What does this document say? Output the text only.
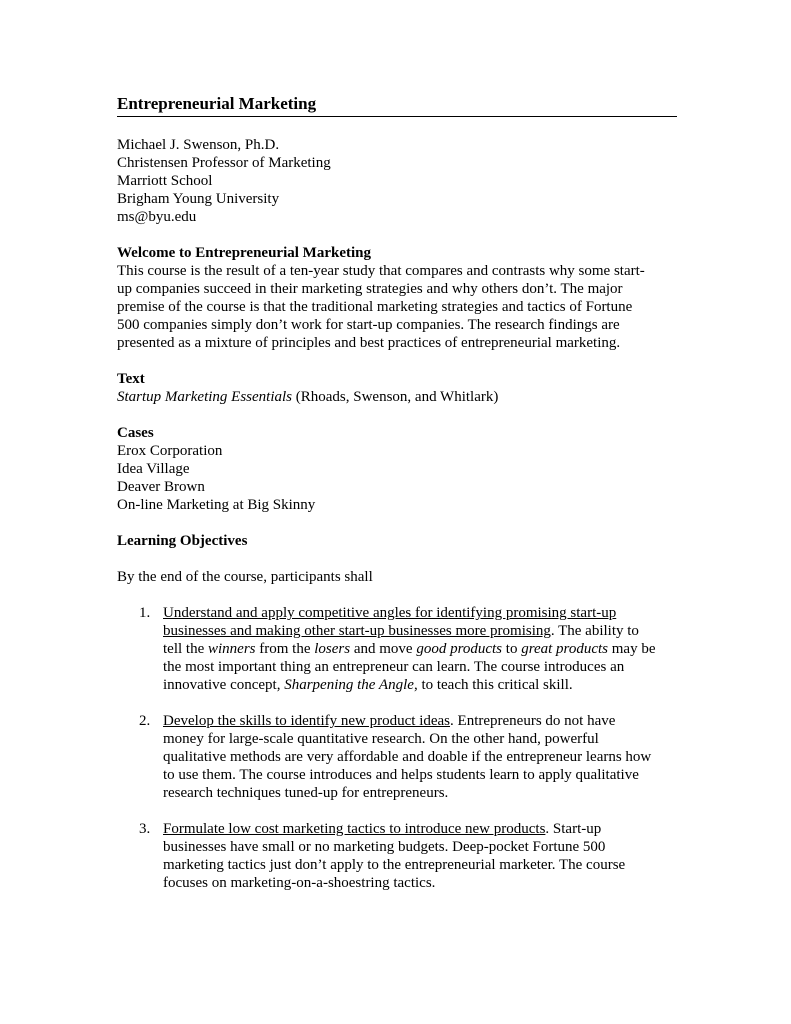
Entrepreneurial Marketing
Michael J. Swenson, Ph.D.
Christensen Professor of Marketing
Marriott School
Brigham Young University
ms@byu.edu
Welcome to Entrepreneurial Marketing
This course is the result of a ten-year study that compares and contrasts why some start-
up companies succeed in their marketing strategies and why others don’t. The major
premise of the course is that the traditional marketing strategies and tactics of Fortune
500 companies simply don’t work for start-up companies. The research findings are
presented as a mixture of principles and best practices of entrepreneurial marketing.
Text
Startup Marketing Essentials (Rhoads, Swenson, and Whitlark)
Cases
Erox Corporation
Idea Village
Deaver Brown
On-line Marketing at Big Skinny
Learning Objectives
By the end of the course, participants shall
1. Understand and apply competitive angles for identifying promising start-up
businesses and making other start-up businesses more promising. The ability to
tell the winners from the losers and move good products to great products may be
the most important thing an entrepreneur can learn. The course introduces an
innovative concept, Sharpening the Angle, to teach this critical skill.
2. Develop the skills to identify new product ideas. Entrepreneurs do not have
money for large-scale quantitative research. On the other hand, powerful
qualitative methods are very affordable and doable if the entrepreneur learns how
to use them. The course introduces and helps students learn to apply qualitative
research techniques tuned-up for entrepreneurs.
3. Formulate low cost marketing tactics to introduce new products. Start-up
businesses have small or no marketing budgets. Deep-pocket Fortune 500
marketing tactics just don’t apply to the entrepreneurial marketer. The course
focuses on marketing-on-a-shoestring tactics.
